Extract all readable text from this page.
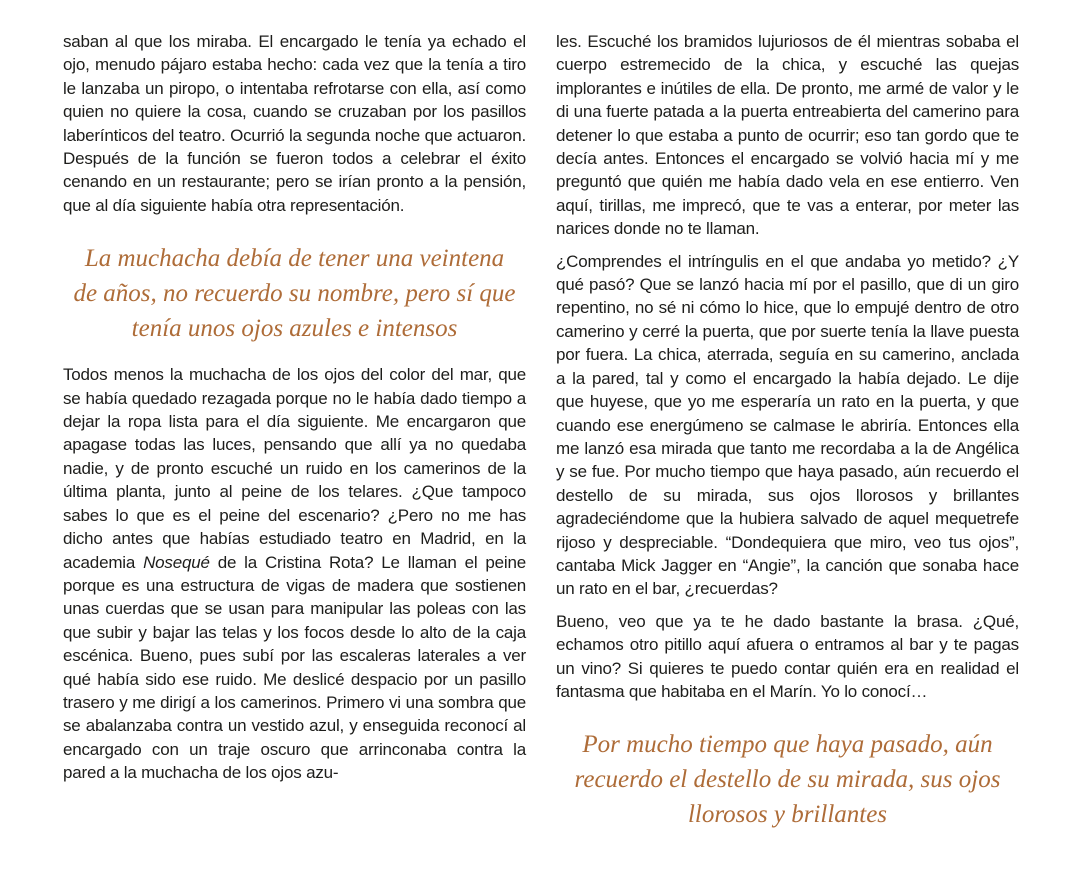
saban al que los miraba. El encargado le tenía ya echado el ojo, menudo pájaro estaba hecho: cada vez que la tenía a tiro le lanzaba un piropo, o intentaba refrotarse con ella, así como quien no quiere la cosa, cuando se cruzaban por los pasillos laberínticos del teatro. Ocurrió la segunda noche que actuaron. Después de la función se fueron todos a celebrar el éxito cenando en un restaurante; pero se irían pronto a la pensión, que al día siguiente había otra representación.

La muchacha debía de tener una veintena
de años, no recuerdo su nombre, pero sí que
tenía unos ojos azules e intensos

Todos menos la muchacha de los ojos del color del mar, que se había quedado rezagada porque no le había dado tiempo a dejar la ropa lista para el día siguiente. Me encargaron que apagase todas las luces, pensando que allí ya no quedaba nadie, y de pronto escuché un ruido en los camerinos de la última planta, junto al peine de los telares. ¿Que tampoco sabes lo que es el peine del escenario? ¿Pero no me has dicho antes que habías estudiado teatro en Madrid, en la academia Nosequé de la Cristina Rota? Le llaman el peine porque es una estructura de vigas de madera que sostienen unas cuerdas que se usan para manipular las poleas con las que subir y bajar las telas y los focos desde lo alto de la caja escénica. Bueno, pues subí por las escaleras laterales a ver qué había sido ese ruido. Me deslicé despacio por un pasillo trasero y me dirigí a los camerinos. Primero vi una sombra que se abalanzaba contra un vestido azul, y enseguida reconocí al encargado con un traje oscuro que arrinconaba contra la pared a la muchacha de los ojos azu-

les. Escuché los bramidos lujuriosos de él mientras sobaba el cuerpo estremecido de la chica, y escuché las quejas implorantes e inútiles de ella. De pronto, me armé de valor y le di una fuerte patada a la puerta entreabierta del camerino para detener lo que estaba a punto de ocurrir; eso tan gordo que te decía antes. Entonces el encargado se volvió hacia mí y me preguntó que quién me había dado vela en ese entierro. Ven aquí, tirillas, me imprecó, que te vas a enterar, por meter las narices donde no te llaman.

¿Comprendes el intríngulis en el que andaba yo metido? ¿Y qué pasó? Que se lanzó hacia mí por el pasillo, que di un giro repentino, no sé ni cómo lo hice, que lo empujé dentro de otro camerino y cerré la puerta, que por suerte tenía la llave puesta por fuera. La chica, aterrada, seguía en su camerino, anclada a la pared, tal y como el encargado la había dejado. Le dije que huyese, que yo me esperaría un rato en la puerta, y que cuando ese energúmeno se calmase le abriría. Entonces ella me lanzó esa mirada que tanto me recordaba a la de Angélica y se fue. Por mucho tiempo que haya pasado, aún recuerdo el destello de su mirada, sus ojos llorosos y brillantes agradeciéndome que la hubiera salvado de aquel mequetrefe rijoso y despreciable. “Dondequiera que miro, veo tus ojos”, cantaba Mick Jagger en “Angie”, la canción que sonaba hace un rato en el bar, ¿recuerdas?

Bueno, veo que ya te he dado bastante la brasa. ¿Qué, echamos otro pitillo aquí afuera o entramos al bar y te pagas un vino? Si quieres te puedo contar quién era en realidad el fantasma que habitaba en el Marín. Yo lo conocí…

Por mucho tiempo que haya pasado, aún
recuerdo el destello de su mirada, sus ojos
llorosos y brillantes
